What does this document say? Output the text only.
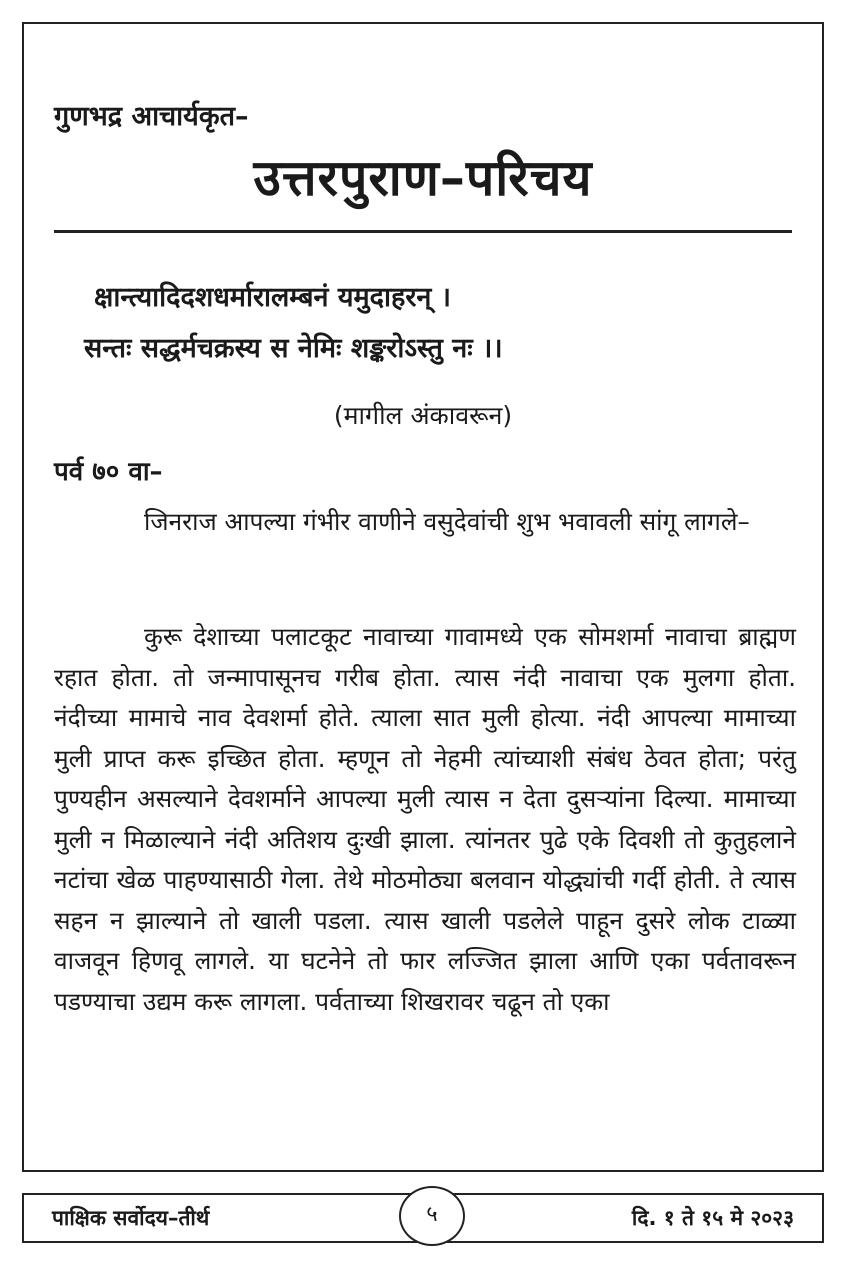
गुणभद्र आचार्यकृत–
उत्तरपुराण–परिचय
क्षान्त्यादिदशधर्मारालम्बनं यमुदाहरन् ।
सन्तः सद्धर्मचक्रस्य स नेमिः शङ्करोऽस्तु नः ।।
(मागील अंकावरून)
पर्व ७० वा–
जिनराज आपल्या गंभीर वाणीने वसुदेवांची शुभ भवावली सांगू लागले–
कुरू देशाच्या पलाटकूट नावाच्या गावामध्ये एक सोमशर्मा नावाचा ब्राह्मण रहात होता. तो जन्मापासूनच गरीब होता. त्यास नंदी नावाचा एक मुलगा होता. नंदीच्या मामाचे नाव देवशर्मा होते. त्याला सात मुली होत्या. नंदी आपल्या मामाच्या मुली प्राप्त करू इच्छित होता. म्हणून तो नेहमी त्यांच्याशी संबंध ठेवत होता; परंतु पुण्यहीन असल्याने देवशर्माने आपल्या मुली त्यास न देता दुसऱ्यांना दिल्या. मामाच्या मुली न मिळाल्याने नंदी अतिशय दुःखी झाला. त्यांनतर पुढे एके दिवशी तो कुतुहलाने नटांचा खेळ पाहण्यासाठी गेला. तेथे मोठमोठ्या बलवान योद्ध्यांची गर्दी होती. ते त्यास सहन न झाल्याने तो खाली पडला. त्यास खाली पडलेले पाहून दुसरे लोक टाळ्या वाजवून हिणवू लागले. या घटनेने तो फार लज्जित झाला आणि एका पर्वतावरून पडण्याचा उद्यम करू लागला. पर्वताच्या शिखरावर चढून तो एका
पाक्षिक सर्वोदय–तीर्थ	५	दि. १ ते १५ मे २०२३
